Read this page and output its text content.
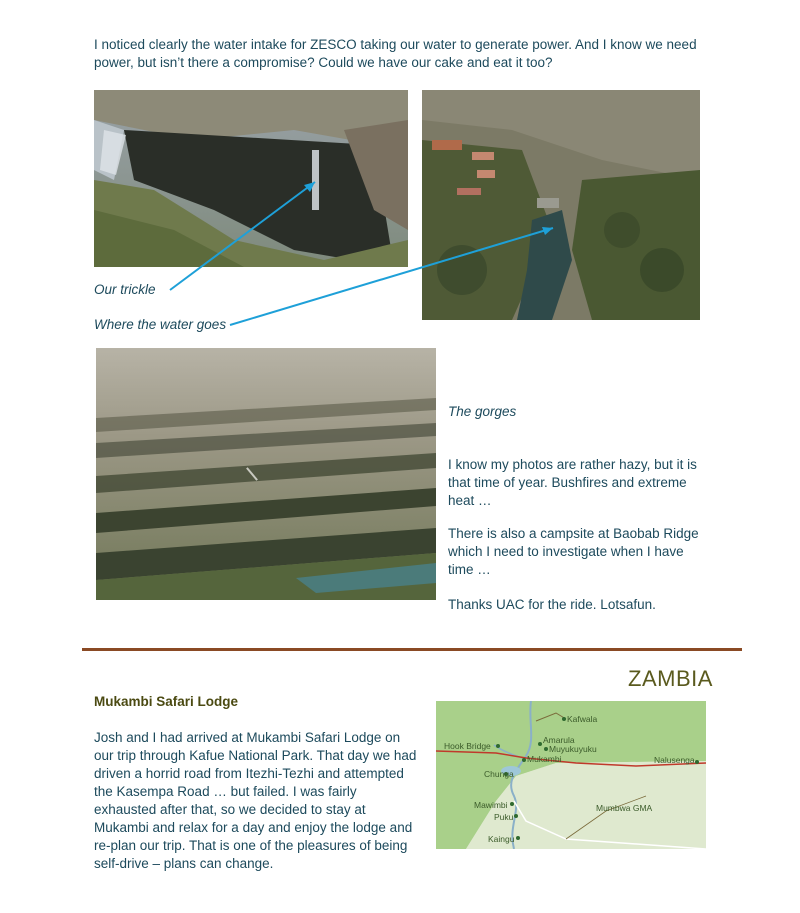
I noticed clearly the water intake for ZESCO taking our water to generate power. And I know we need power, but isn’t there a compromise? Could we have our cake and eat it too?
Our trickle
Where the water goes
The gorges
I know my photos are rather hazy, but it is that time of year. Bushfires and extreme heat …
There is also a campsite at Baobab Ridge which I need to investigate when I have time …
Thanks UAC for the ride. Lotsafun.
ZAMBIA
Mukambi Safari Lodge
Josh and I had arrived at Mukambi Safari Lodge on our trip through Kafue National Park. That day we had driven a horrid road from Itezhi-Tezhi and attempted the Kasempa Road … but failed. I was fairly exhausted after that, so we decided to stay at Mukambi and relax for a day and enjoy the lodge and re-plan our trip. That is one of the pleasures of being self-drive – plans can change.
Kafwala
Hook Bridge
Amarula
Muyukuyuku
Mukambi	Nalusenga
Chunga
Mawimbi	Mumbwa GMA
Puku
Kaingu
